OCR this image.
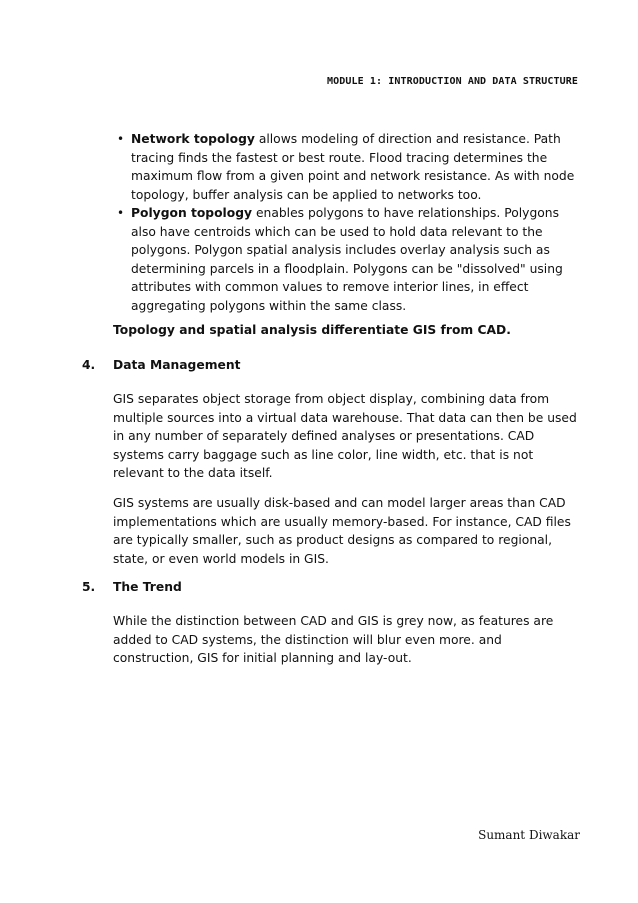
MODULE 1: INTRODUCTION AND DATA STRUCTURE
• Network topology allows modeling of direction and resistance. Path tracing finds the fastest or best route. Flood tracing determines the maximum flow from a given point and network resistance. As with node topology, buffer analysis can be applied to networks too.
• Polygon topology enables polygons to have relationships. Polygons also have centroids which can be used to hold data relevant to the polygons. Polygon spatial analysis includes overlay analysis such as determining parcels in a floodplain. Polygons can be "dissolved" using attributes with common values to remove interior lines, in effect aggregating polygons within the same class.
Topology and spatial analysis differentiate GIS from CAD.
4. Data Management

GIS separates object storage from object display, combining data from multiple sources into a virtual data warehouse. That data can then be used in any number of separately defined analyses or presentations. CAD systems carry baggage such as line color, line width, etc. that is not relevant to the data itself.

GIS systems are usually disk-based and can model larger areas than CAD implementations which are usually memory-based. For instance, CAD files are typically smaller, such as product designs as compared to regional, state, or even world models in GIS.

5. The Trend

While the distinction between CAD and GIS is grey now, as features are added to CAD systems, the distinction will blur even more. and construction, GIS for initial planning and lay-out.

Sumant Diwakar
